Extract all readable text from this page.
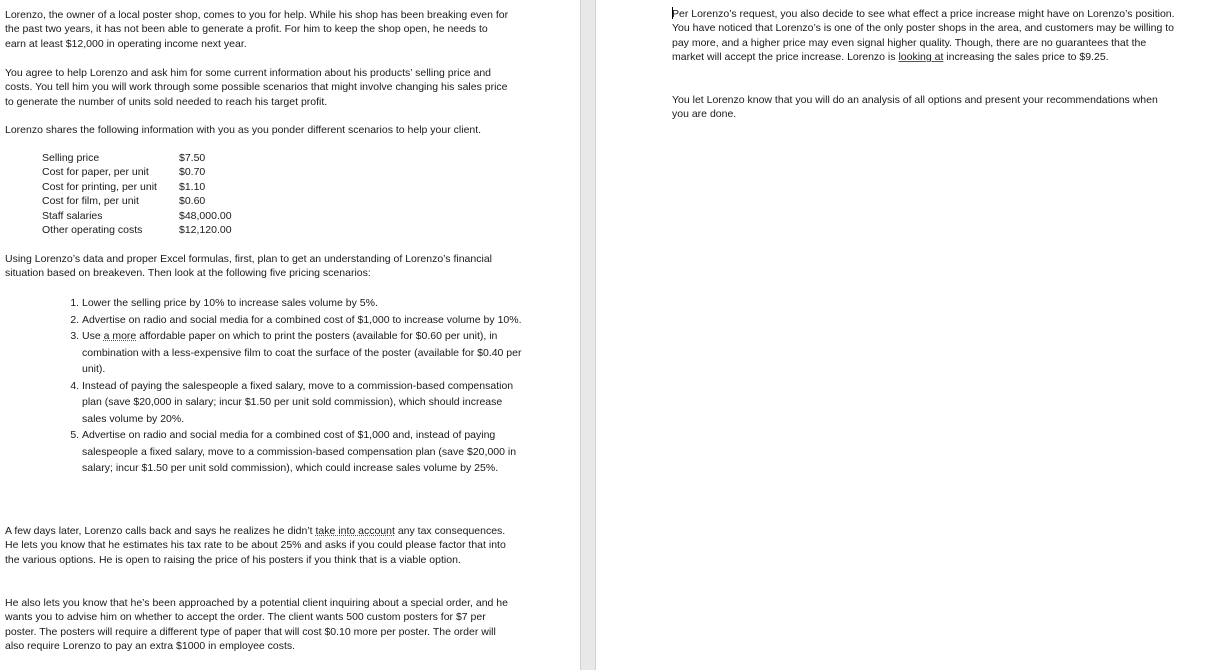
Lorenzo, the owner of a local poster shop, comes to you for help. While his shop has been breaking even for the past two years, it has not been able to generate a profit. For him to keep the shop open, he needs to earn at least $12,000 in operating income next year.

You agree to help Lorenzo and ask him for some current information about his products’ selling price and costs. You tell him you will work through some possible scenarios that might involve changing his sales price to generate the number of units sold needed to reach his target profit.

Lorenzo shares the following information with you as you ponder different scenarios to help your client.

Selling price	$7.50
Cost for paper, per unit	$0.70
Cost for printing, per unit	$1.10
Cost for film, per unit	$0.60
Staff salaries	$48,000.00
Other operating costs	$12,120.00

Using Lorenzo’s data and proper Excel formulas, first, plan to get an understanding of Lorenzo’s financial situation based on breakeven. Then look at the following five pricing scenarios:

1. Lower the selling price by 10% to increase sales volume by 5%.
2. Advertise on radio and social media for a combined cost of $1,000 to increase volume by 10%.
3. Use a more affordable paper on which to print the posters (available for $0.60 per unit), in combination with a less-expensive film to coat the surface of the poster (available for $0.40 per unit).
4. Instead of paying the salespeople a fixed salary, move to a commission-based compensation plan (save $20,000 in salary; incur $1.50 per unit sold commission), which should increase sales volume by 20%.
5. Advertise on radio and social media for a combined cost of $1,000 and, instead of paying salespeople a fixed salary, move to a commission-based compensation plan (save $20,000 in salary; incur $1.50 per unit sold commission), which could increase sales volume by 25%.

A few days later, Lorenzo calls back and says he realizes he didn’t take into account any tax consequences. He lets you know that he estimates his tax rate to be about 25% and asks if you could please factor that into the various options. He is open to raising the price of his posters if you think that is a viable option.

He also lets you know that he’s been approached by a potential client inquiring about a special order, and he wants you to advise him on whether to accept the order. The client wants 500 custom posters for $7 per poster. The posters will require a different type of paper that will cost $0.10 more per poster. The order will also require Lorenzo to pay an extra $1000 in employee costs.

Per Lorenzo’s request, you also decide to see what effect a price increase might have on Lorenzo’s position. You have noticed that Lorenzo’s is one of the only poster shops in the area, and customers may be willing to pay more, and a higher price may even signal higher quality. Though, there are no guarantees that the market will accept the price increase. Lorenzo is looking at increasing the sales price to $9.25.

You let Lorenzo know that you will do an analysis of all options and present your recommendations when you are done.
